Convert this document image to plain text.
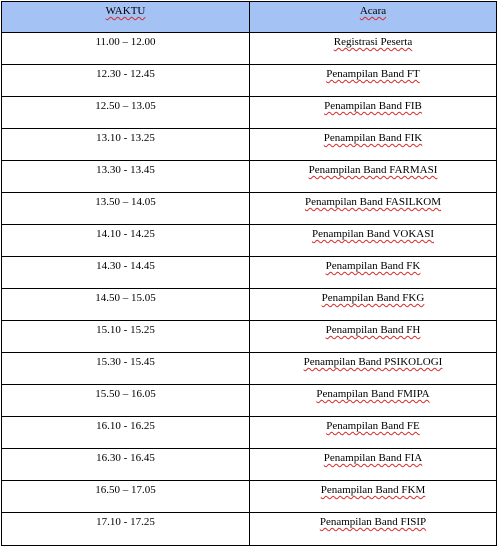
WAKTU	Acara
11.00 – 12.00	Registrasi Peserta
12.30 - 12.45	Penampilan Band FT
12.50 – 13.05	Penampilan Band FIB
13.10 - 13.25	Penampilan Band FIK
13.30 - 13.45	Penampilan Band FARMASI
13.50 – 14.05	Penampilan Band FASILKOM
14.10 - 14.25	Penampilan Band VOKASI
14.30 - 14.45	Penampilan Band FK
14.50 – 15.05	Penampilan Band FKG
15.10 - 15.25	Penampilan Band FH
15.30 - 15.45	Penampilan Band PSIKOLOGI
15.50 – 16.05	Penampilan Band FMIPA
16.10 - 16.25	Penampilan Band FE
16.30 - 16.45	Penampilan Band FIA
16.50 – 17.05	Penampilan Band FKM
17.10 - 17.25	Penampilan Band FISIP
